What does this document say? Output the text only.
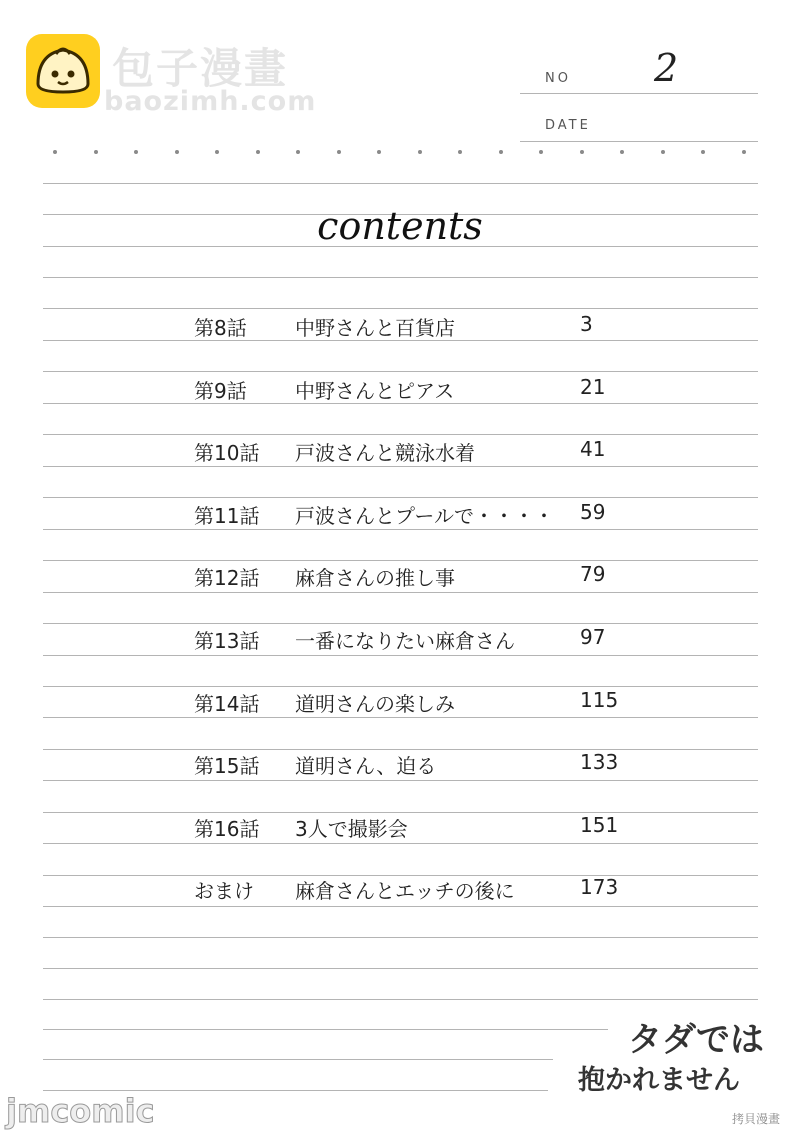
包子漫畫
baozimh.com
NO 2
DATE
contents
第8話 中野さんと百貨店	3
第9話 中野さんとピアス	21
第10話 戸波さんと競泳水着	41
第11話 戸波さんとプールで・・・・ 59
第12話 麻倉さんの推し事	79
第13話 一番になりたい麻倉さん	97
第14話 道明さんの楽しみ	115
第15話 道明さん、迫る	133
第16話 3人で撮影会	151
おまけ 麻倉さんとエッチの後に	173
タダでは
抱かれません
jmcomic	拷貝漫畫
